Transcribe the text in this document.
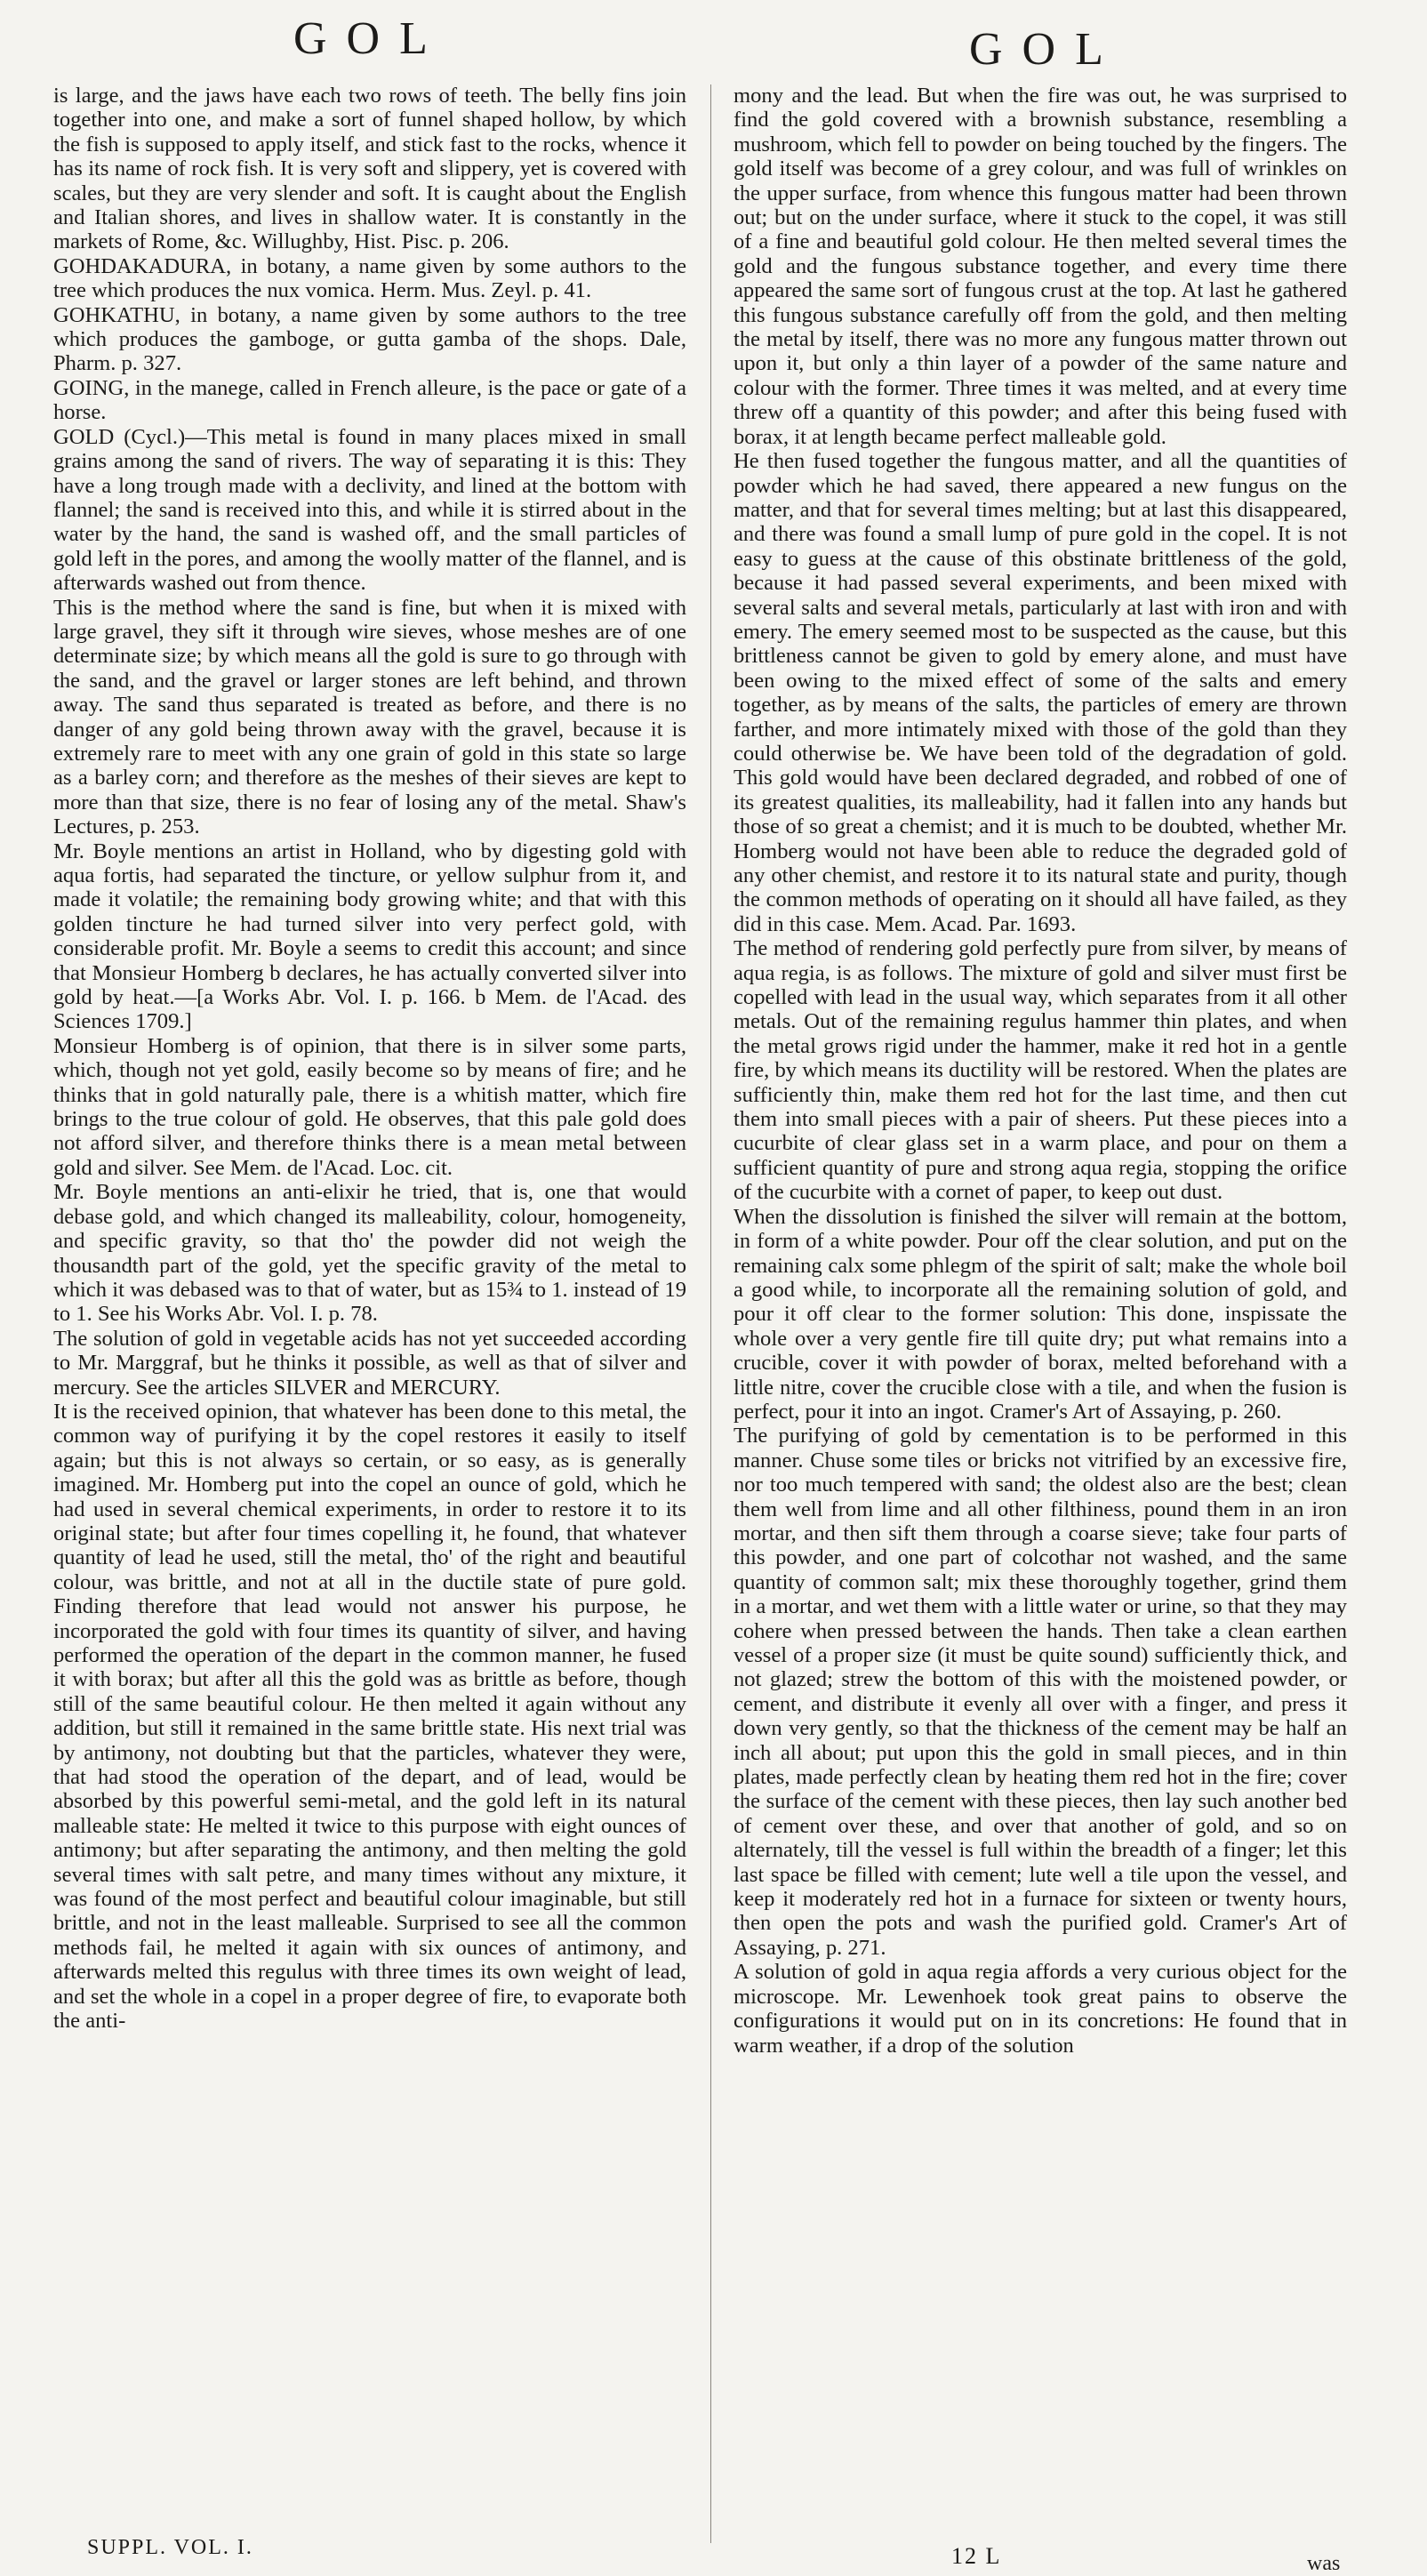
GOL	GOL

is large, and the jaws have each two rows of teeth. The belly fins join together into one, and make a sort of funnel shaped hollow, by which the fish is supposed to apply itself, and stick fast to the rocks, whence it has its name of rock fish. It is very soft and slippery, yet is covered with scales, but they are very slender and soft. It is caught about the English and Italian shores, and lives in shallow water. It is constantly in the markets of Rome, &c. Willughby, Hist. Pisc. p. 206.

GOHDAKADURA, in botany, a name given by some authors to the tree which produces the nux vomica. Herm. Mus. Zeyl. p. 41.

GOHKATHU, in botany, a name given by some authors to the tree which produces the gamboge, or gutta gamba of the shops. Dale, Pharm. p. 327.

GOING, in the manege, called in French alleure, is the pace or gate of a horse.

GOLD (Cycl.)—This metal is found in many places mixed in small grains among the sand of rivers. The way of separating it is this: They have a long trough made with a declivity, and lined at the bottom with flannel; the sand is received into this, and while it is stirred about in the water by the hand, the sand is washed off, and the small particles of gold left in the pores, and among the woolly matter of the flannel, and is afterwards washed out from thence.

This is the method where the sand is fine, but when it is mixed with large gravel, they sift it through wire sieves, whose meshes are of one determinate size; by which means all the gold is sure to go through with the sand, and the gravel or larger stones are left behind, and thrown away. The sand thus separated is treated as before, and there is no danger of any gold being thrown away with the gravel, because it is extremely rare to meet with any one grain of gold in this state so large as a barley corn; and therefore as the meshes of their sieves are kept to more than that size, there is no fear of losing any of the metal. Shaw's Lectures, p. 253.

Mr. Boyle mentions an artist in Holland, who by digesting gold with aqua fortis, had separated the tincture, or yellow sulphur from it, and made it volatile; the remaining body growing white; and that with this golden tincture he had turned silver into very perfect gold, with considerable profit. Mr. Boyle a seems to credit this account; and since that Monsieur Homberg b declares, he has actually converted silver into gold by heat.—[a Works Abr. Vol. I. p. 166. b Mem. de l'Acad. des Sciences 1709.]

Monsieur Homberg is of opinion, that there is in silver some parts, which, though not yet gold, easily become so by means of fire; and he thinks that in gold naturally pale, there is a whitish matter, which fire brings to the true colour of gold. He observes, that this pale gold does not afford silver, and therefore thinks there is a mean metal between gold and silver. See Mem. de l'Acad. Loc. cit.

Mr. Boyle mentions an anti-elixir he tried, that is, one that would debase gold, and which changed its malleability, colour, homogeneity, and specific gravity, so that tho' the powder did not weigh the thousandth part of the gold, yet the specific gravity of the metal to which it was debased was to that of water, but as 15¾ to 1. instead of 19 to 1. See his Works Abr. Vol. I. p. 78.

The solution of gold in vegetable acids has not yet succeeded according to Mr. Marggraf, but he thinks it possible, as well as that of silver and mercury. See the articles SILVER and MERCURY.

It is the received opinion, that whatever has been done to this metal, the common way of purifying it by the copel restores it easily to itself again; but this is not always so certain, or so easy, as is generally imagined. Mr. Homberg put into the copel an ounce of gold, which he had used in several chemical experiments, in order to restore it to its original state; but after four times copelling it, he found, that whatever quantity of lead he used, still the metal, tho' of the right and beautiful colour, was brittle, and not at all in the ductile state of pure gold. Finding therefore that lead would not answer his purpose, he incorporated the gold with four times its quantity of silver, and having performed the operation of the depart in the common manner, he fused it with borax; but after all this the gold was as brittle as before, though still of the same beautiful colour. He then melted it again without any addition, but still it remained in the same brittle state. His next trial was by antimony, not doubting but that the particles, whatever they were, that had stood the operation of the depart, and of lead, would be absorbed by this powerful semi-metal, and the gold left in its natural malleable state: He melted it twice to this purpose with eight ounces of antimony; but after separating the antimony, and then melting the gold several times with salt petre, and many times without any mixture, it was found of the most perfect and beautiful colour imaginable, but still brittle, and not in the least malleable. Surprised to see all the common methods fail, he melted it again with six ounces of antimony, and afterwards melted this regulus with three times its own weight of lead, and set the whole in a copel in a proper degree of fire, to evaporate both the anti-

mony and the lead. But when the fire was out, he was surprised to find the gold covered with a brownish substance, resembling a mushroom, which fell to powder on being touched by the fingers. The gold itself was become of a grey colour, and was full of wrinkles on the upper surface, from whence this fungous matter had been thrown out; but on the under surface, where it stuck to the copel, it was still of a fine and beautiful gold colour. He then melted several times the gold and the fungous substance together, and every time there appeared the same sort of fungous crust at the top. At last he gathered this fungous substance carefully off from the gold, and then melting the metal by itself, there was no more any fungous matter thrown out upon it, but only a thin layer of a powder of the same nature and colour with the former. Three times it was melted, and at every time threw off a quantity of this powder; and after this being fused with borax, it at length became perfect malleable gold.

He then fused together the fungous matter, and all the quantities of powder which he had saved, there appeared a new fungus on the matter, and that for several times melting; but at last this disappeared, and there was found a small lump of pure gold in the copel. It is not easy to guess at the cause of this obstinate brittleness of the gold, because it had passed several experiments, and been mixed with several salts and several metals, particularly at last with iron and with emery. The emery seemed most to be suspected as the cause, but this brittleness cannot be given to gold by emery alone, and must have been owing to the mixed effect of some of the salts and emery together, as by means of the salts, the particles of emery are thrown farther, and more intimately mixed with those of the gold than they could otherwise be. We have been told of the degradation of gold. This gold would have been declared degraded, and robbed of one of its greatest qualities, its malleability, had it fallen into any hands but those of so great a chemist; and it is much to be doubted, whether Mr. Homberg would not have been able to reduce the degraded gold of any other chemist, and restore it to its natural state and purity, though the common methods of operating on it should all have failed, as they did in this case. Mem. Acad. Par. 1693.

The method of rendering gold perfectly pure from silver, by means of aqua regia, is as follows. The mixture of gold and silver must first be copelled with lead in the usual way, which separates from it all other metals. Out of the remaining regulus hammer thin plates, and when the metal grows rigid under the hammer, make it red hot in a gentle fire, by which means its ductility will be restored. When the plates are sufficiently thin, make them red hot for the last time, and then cut them into small pieces with a pair of sheers. Put these pieces into a cucurbite of clear glass set in a warm place, and pour on them a sufficient quantity of pure and strong aqua regia, stopping the orifice of the cucurbite with a cornet of paper, to keep out dust.

When the dissolution is finished the silver will remain at the bottom, in form of a white powder. Pour off the clear solution, and put on the remaining calx some phlegm of the spirit of salt; make the whole boil a good while, to incorporate all the remaining solution of gold, and pour it off clear to the former solution: This done, inspissate the whole over a very gentle fire till quite dry; put what remains into a crucible, cover it with powder of borax, melted beforehand with a little nitre, cover the crucible close with a tile, and when the fusion is perfect, pour it into an ingot. Cramer's Art of Assaying, p. 260.

The purifying of gold by cementation is to be performed in this manner. Chuse some tiles or bricks not vitrified by an excessive fire, nor too much tempered with sand; the oldest also are the best; clean them well from lime and all other filthiness, pound them in an iron mortar, and then sift them through a coarse sieve; take four parts of this powder, and one part of colcothar not washed, and the same quantity of common salt; mix these thoroughly together, grind them in a mortar, and wet them with a little water or urine, so that they may cohere when pressed between the hands. Then take a clean earthen vessel of a proper size (it must be quite sound) sufficiently thick, and not glazed; strew the bottom of this with the moistened powder, or cement, and distribute it evenly all over with a finger, and press it down very gently, so that the thickness of the cement may be half an inch all about; put upon this the gold in small pieces, and in thin plates, made perfectly clean by heating them red hot in the fire; cover the surface of the cement with these pieces, then lay such another bed of cement over these, and over that another of gold, and so on alternately, till the vessel is full within the breadth of a finger; let this last space be filled with cement; lute well a tile upon the vessel, and keep it moderately red hot in a furnace for sixteen or twenty hours, then open the pots and wash the purified gold. Cramer's Art of Assaying, p. 271.

A solution of gold in aqua regia affords a very curious object for the microscope. Mr. Lewenhoek took great pains to observe the configurations it would put on in its concretions: He found that in warm weather, if a drop of the solution

SUPPL. VOL. I.	12 L	was
